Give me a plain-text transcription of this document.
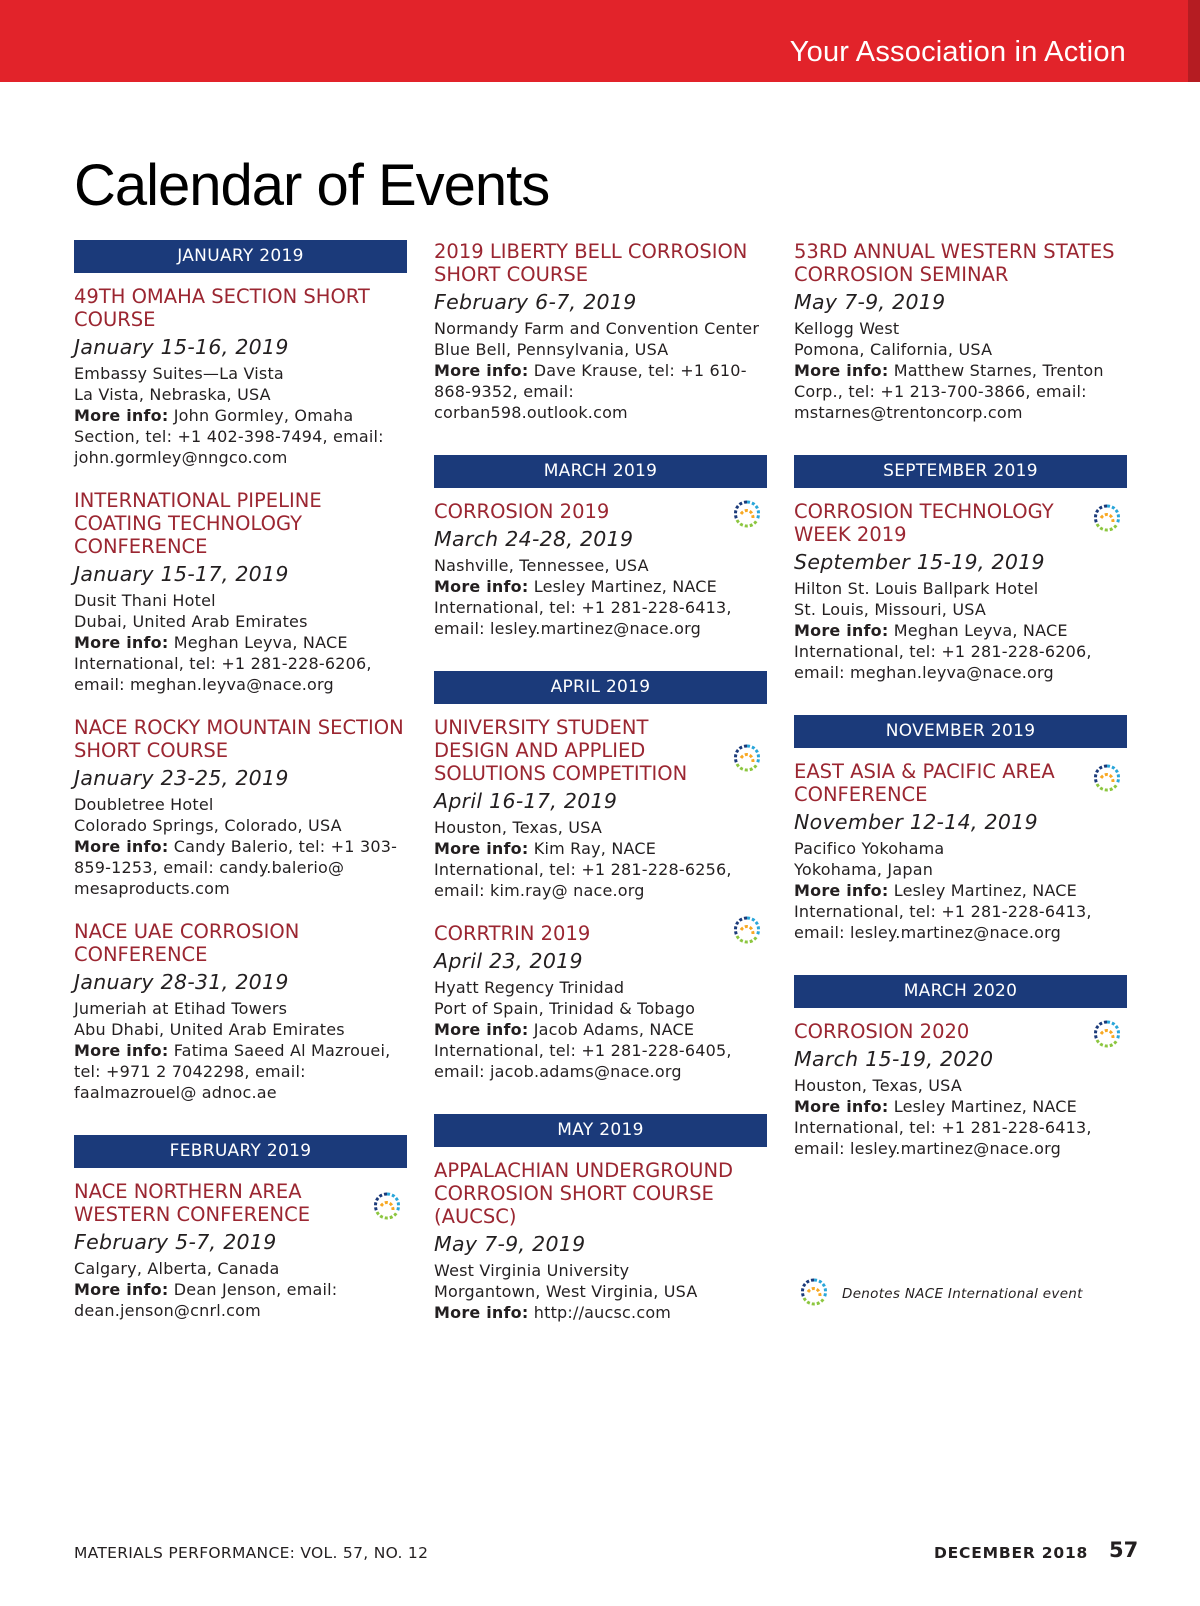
Your Association in Action
Calendar of Events
JANUARY 2019
49TH OMAHA SECTION SHORT COURSE
January 15-16, 2019
Embassy Suites—La Vista
La Vista, Nebraska, USA
More info: John Gormley, Omaha Section, tel: +1 402-398-7494, email: john.gormley@nngco.com
INTERNATIONAL PIPELINE COATING TECHNOLOGY CONFERENCE
January 15-17, 2019
Dusit Thani Hotel
Dubai, United Arab Emirates
More info: Meghan Leyva, NACE International, tel: +1 281-228-6206, email: meghan.leyva@nace.org
NACE ROCKY MOUNTAIN SECTION SHORT COURSE
January 23-25, 2019
Doubletree Hotel
Colorado Springs, Colorado, USA
More info: Candy Balerio, tel: +1 303-859-1253, email: candy.balerio@ mesaproducts.com
NACE UAE CORROSION CONFERENCE
January 28-31, 2019
Jumeriah at Etihad Towers
Abu Dhabi, United Arab Emirates
More info: Fatima Saeed Al Mazrouei, tel: +971 2 7042298, email: faalmazrouel@ adnoc.ae
FEBRUARY 2019
NACE NORTHERN AREA WESTERN CONFERENCE
February 5-7, 2019
Calgary, Alberta, Canada
More info: Dean Jenson, email: dean.jenson@cnrl.com
2019 LIBERTY BELL CORROSION SHORT COURSE
February 6-7, 2019
Normandy Farm and Convention Center
Blue Bell, Pennsylvania, USA
More info: Dave Krause, tel: +1 610-868-9352, email: corban598.outlook.com
MARCH 2019
CORROSION 2019
March 24-28, 2019
Nashville, Tennessee, USA
More info: Lesley Martinez, NACE International, tel: +1 281-228-6413, email: lesley.martinez@nace.org
APRIL 2019
UNIVERSITY STUDENT DESIGN AND APPLIED SOLUTIONS COMPETITION
April 16-17, 2019
Houston, Texas, USA
More info: Kim Ray, NACE International, tel: +1 281-228-6256, email: kim.ray@ nace.org
CORRTRIN 2019
April 23, 2019
Hyatt Regency Trinidad
Port of Spain, Trinidad & Tobago
More info: Jacob Adams, NACE International, tel: +1 281-228-6405, email: jacob.adams@nace.org
MAY 2019
APPALACHIAN UNDERGROUND CORROSION SHORT COURSE (AUCSC)
May 7-9, 2019
West Virginia University
Morgantown, West Virginia, USA
More info: http://aucsc.com
53RD ANNUAL WESTERN STATES CORROSION SEMINAR
May 7-9, 2019
Kellogg West
Pomona, California, USA
More info: Matthew Starnes, Trenton Corp., tel: +1 213-700-3866, email: mstarnes@trentoncorp.com
SEPTEMBER 2019
CORROSION TECHNOLOGY WEEK 2019
September 15-19, 2019
Hilton St. Louis Ballpark Hotel
St. Louis, Missouri, USA
More info: Meghan Leyva, NACE International, tel: +1 281-228-6206, email: meghan.leyva@nace.org
NOVEMBER 2019
EAST ASIA & PACIFIC AREA CONFERENCE
November 12-14, 2019
Pacifico Yokohama
Yokohama, Japan
More info: Lesley Martinez, NACE International, tel: +1 281-228-6413, email: lesley.martinez@nace.org
MARCH 2020
CORROSION 2020
March 15-19, 2020
Houston, Texas, USA
More info: Lesley Martinez, NACE International, tel: +1 281-228-6413, email: lesley.martinez@nace.org
Denotes NACE International event
MATERIALS PERFORMANCE: VOL. 57, NO. 12	DECEMBER 2018 57
